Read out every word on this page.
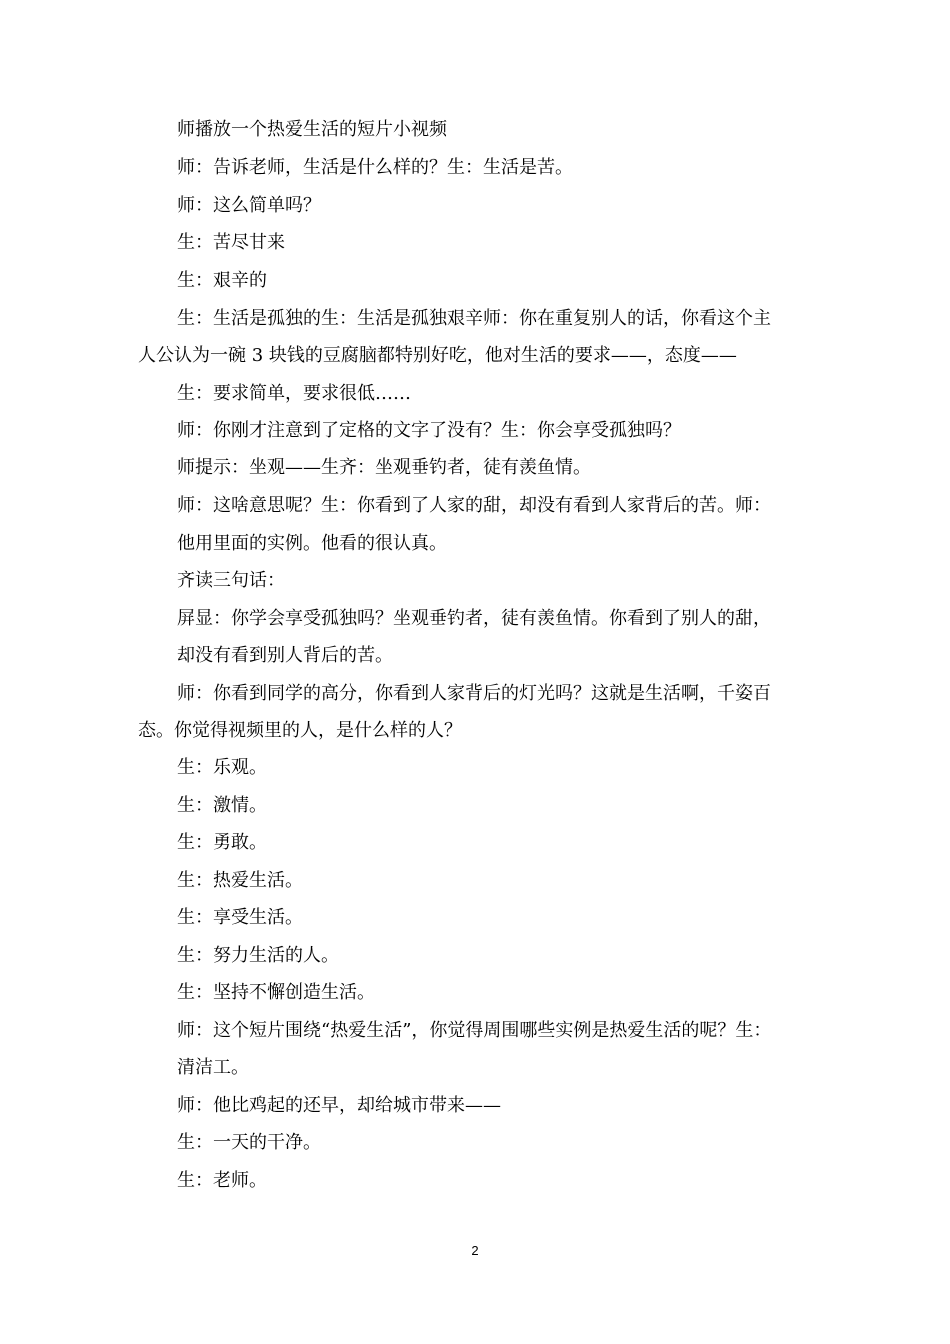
师播放一个热爱生活的短片小视频
师：告诉老师，生活是什么样的？生：生活是苦。
师：这么简单吗？
生：苦尽甘来
生：艰辛的
生：生活是孤独的生：生活是孤独艰辛师：你在重复别人的话，你看这个主
人公认为一碗 3 块钱的豆腐脑都特别好吃，他对生活的要求——，态度——
生：要求简单，要求很低……
师：你刚才注意到了定格的文字了没有？生：你会享受孤独吗？
师提示：坐观——生齐：坐观垂钓者，徒有羡鱼情。
师：这啥意思呢？生：你看到了人家的甜，却没有看到人家背后的苦。师：
他用里面的实例。他看的很认真。
齐读三句话：
屏显：你学会享受孤独吗？坐观垂钓者，徒有羡鱼情。你看到了别人的甜，
却没有看到别人背后的苦。
师：你看到同学的高分，你看到人家背后的灯光吗？这就是生活啊，千姿百
态。你觉得视频里的人，是什么样的人？
生：乐观。
生：激情。
生：勇敢。
生：热爱生活。
生：享受生活。
生：努力生活的人。
生：坚持不懈创造生活。
师：这个短片围绕“热爱生活”，你觉得周围哪些实例是热爱生活的呢？生：
清洁工。
师：他比鸡起的还早，却给城市带来——
生：一天的干净。
生：老师。
2
